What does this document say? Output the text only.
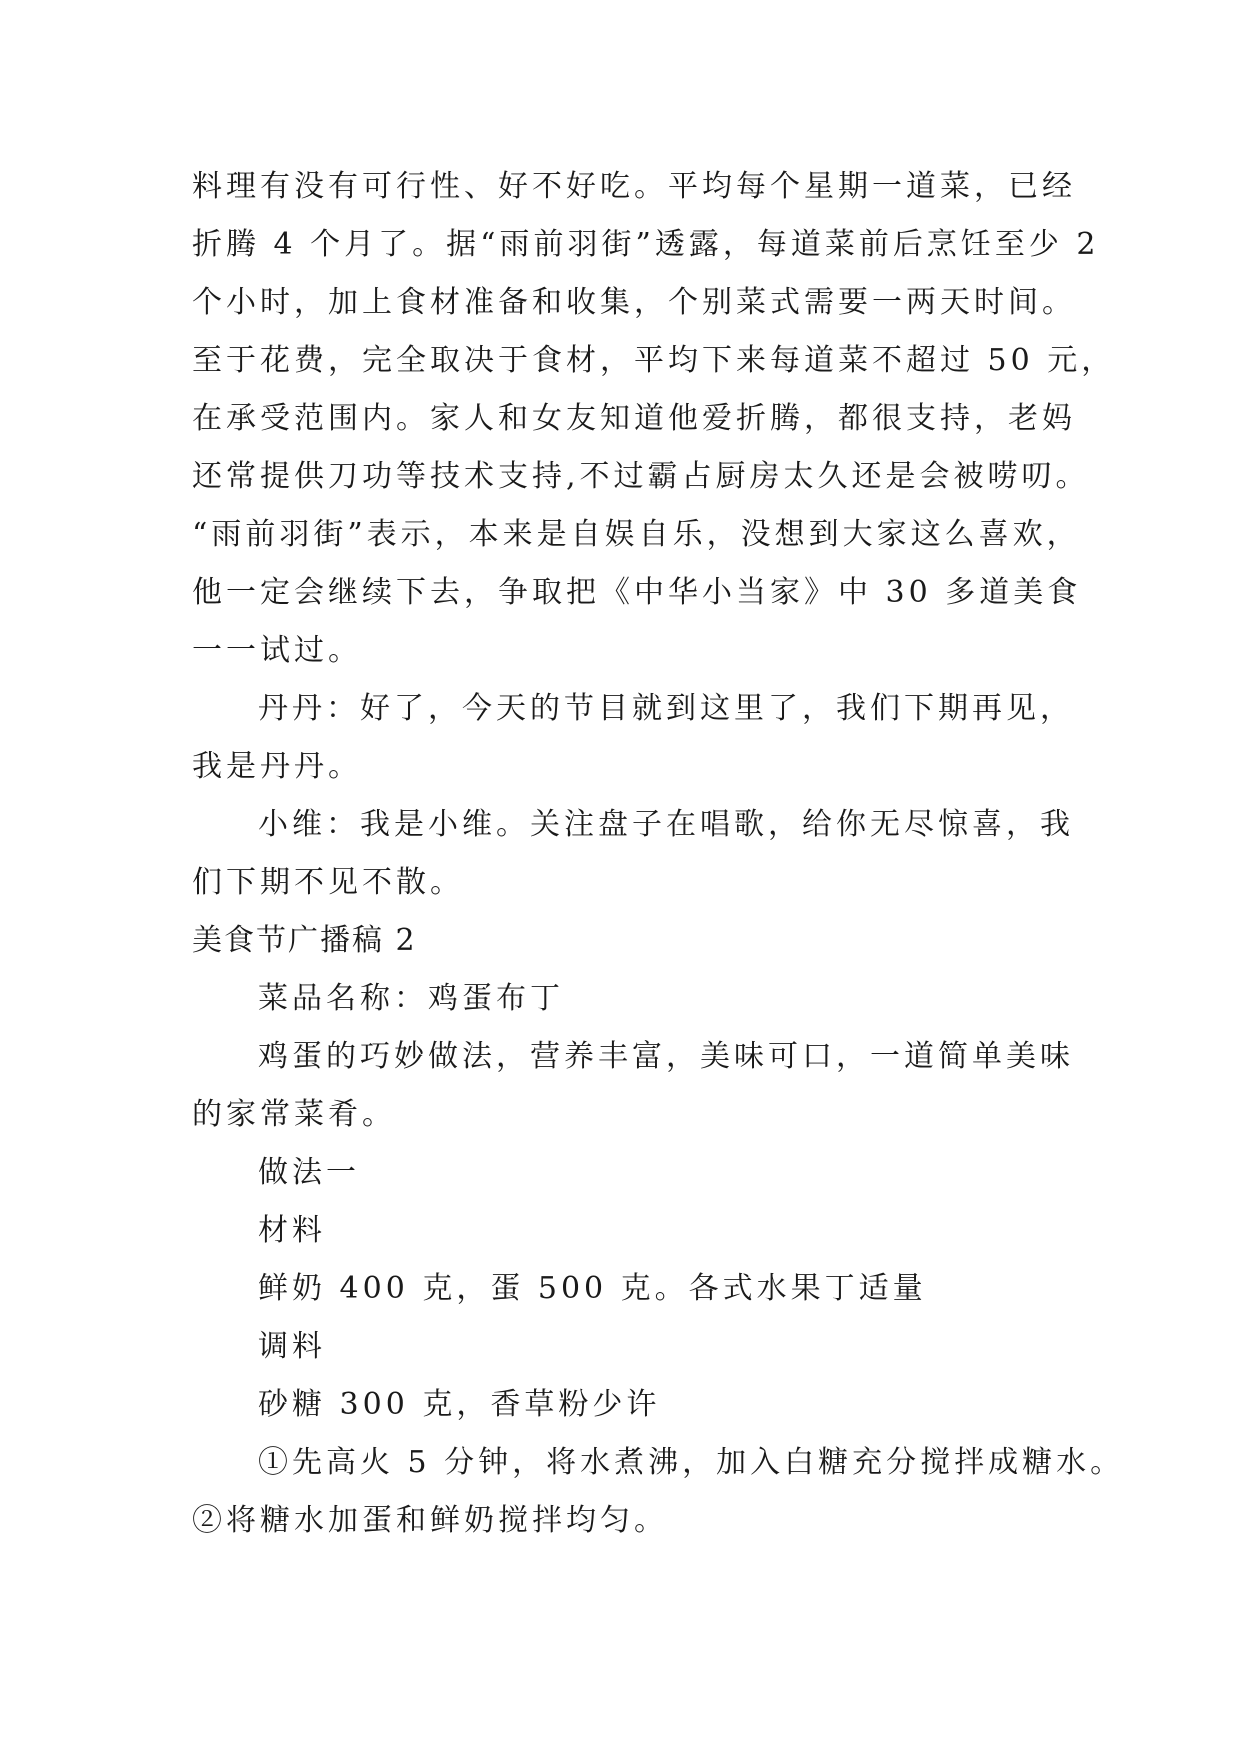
料理有没有可行性、好不好吃。平均每个星期一道菜，已经
折腾 4 个月了。据“雨前羽街”透露，每道菜前后烹饪至少 2
个小时，加上食材准备和收集，个别菜式需要一两天时间。
至于花费，完全取决于食材，平均下来每道菜不超过 50 元，
在承受范围内。家人和女友知道他爱折腾，都很支持，老妈
还常提供刀功等技术支持,不过霸占厨房太久还是会被唠叨。
“雨前羽街”表示，本来是自娱自乐，没想到大家这么喜欢，
他一定会继续下去，争取把《中华小当家》中 30 多道美食
一一试过。
丹丹：好了，今天的节目就到这里了，我们下期再见，
我是丹丹。
小维：我是小维。关注盘子在唱歌，给你无尽惊喜，我
们下期不见不散。
美食节广播稿 2
菜品名称：鸡蛋布丁
鸡蛋的巧妙做法，营养丰富，美味可口，一道简单美味
的家常菜肴。
做法一
材料
鲜奶 400 克，蛋 500 克。各式水果丁适量
调料
砂糖 300 克，香草粉少许
①先高火 5 分钟，将水煮沸，加入白糖充分搅拌成糖水。
②将糖水加蛋和鲜奶搅拌均匀。
